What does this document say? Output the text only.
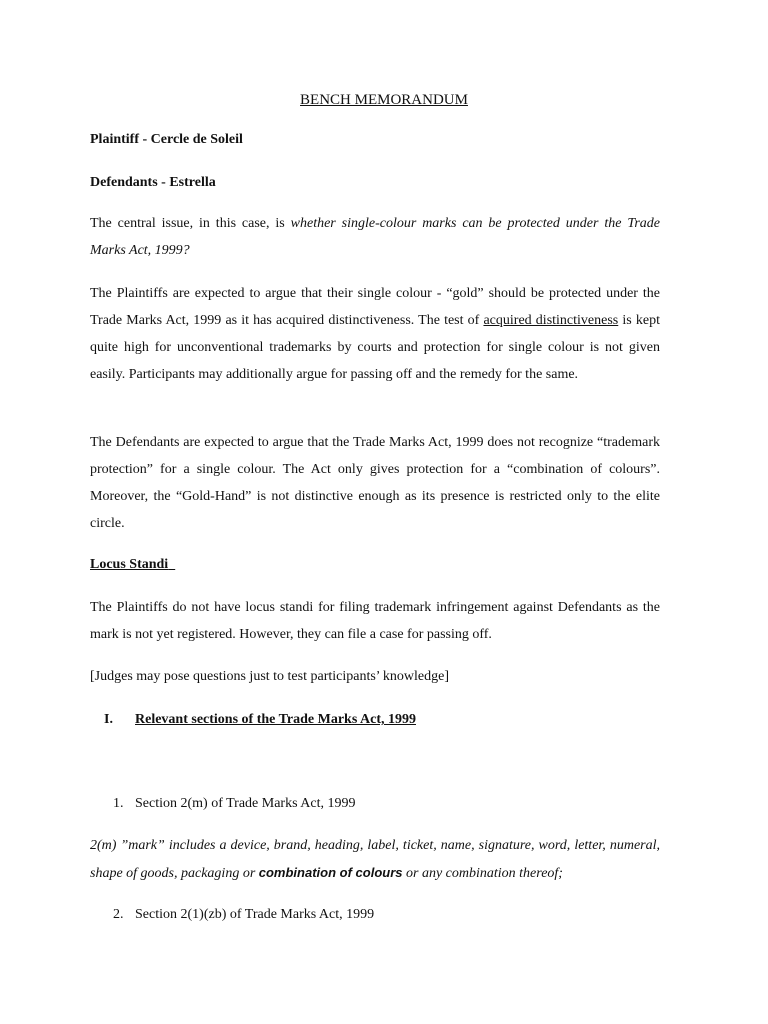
BENCH MEMORANDUM
Plaintiff - Cercle de Soleil
Defendants - Estrella
The central issue, in this case, is whether single-colour marks can be protected under the Trade Marks Act, 1999?
The Plaintiffs are expected to argue that their single colour - “gold” should be protected under the Trade Marks Act, 1999 as it has acquired distinctiveness. The test of acquired distinctiveness is kept quite high for unconventional trademarks by courts and protection for single colour is not given easily. Participants may additionally argue for passing off and the remedy for the same.
The Defendants are expected to argue that the Trade Marks Act, 1999 does not recognize “trademark protection” for a single colour. The Act only gives protection for a “combination of colours”. Moreover, the “Gold-Hand” is not distinctive enough as its presence is restricted only to the elite circle.
Locus Standi
The Plaintiffs do not have locus standi for filing trademark infringement against Defendants as the mark is not yet registered. However, they can file a case for passing off.
[Judges may pose questions just to test participants’ knowledge]
I. Relevant sections of the Trade Marks Act, 1999
1. Section 2(m) of Trade Marks Act, 1999
2(m) ”mark” includes a device, brand, heading, label, ticket, name, signature, word, letter, numeral, shape of goods, packaging or combination of colours or any combination thereof;
2. Section 2(1)(zb) of Trade Marks Act, 1999
